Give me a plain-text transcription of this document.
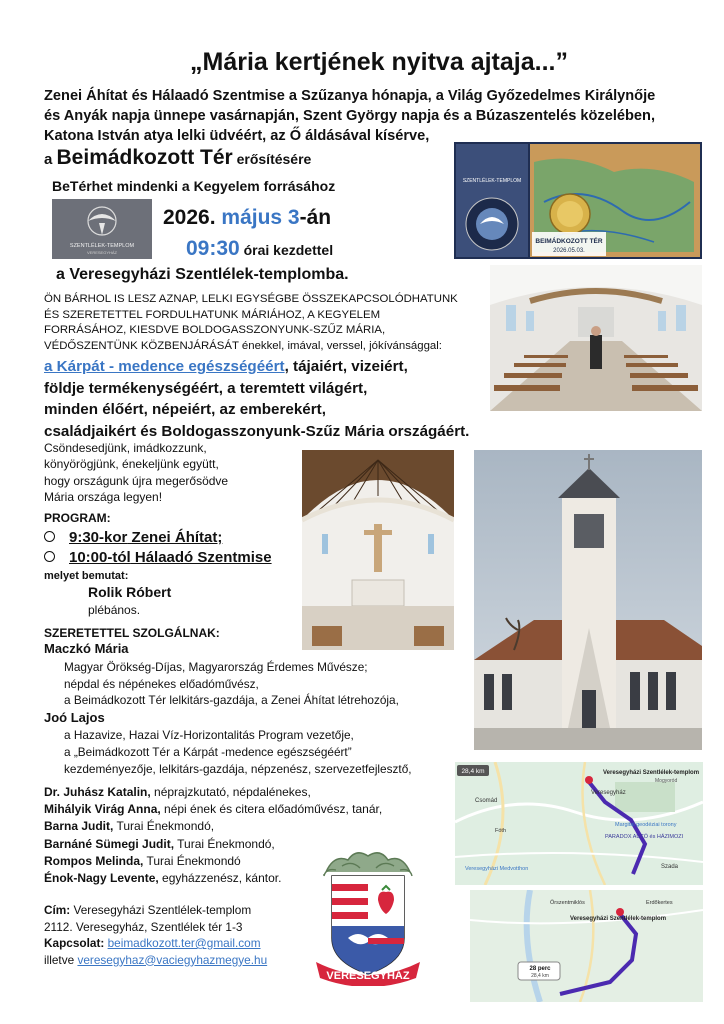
„Mária kertjének nyitva ajtaja...”
Zenei Áhítat és Hálaadó Szentmise a Szűzanya hónapja, a Világ Győzedelmes Királynője
és Anyák napja ünnepe vasárnapján, Szent György napja és a Búzaszentelés közelében,
Katona István atya lelki üdvéért, az Ő áldásával kísérve,
a Beimádkozott Tér erősítésére
BeTérhet mindenki a Kegyelem forrásához
SZENTLÉLEK-TEMPLOM
VERESEGYHÁZ
2026. május 3-án
09:30 órai kezdettel
a Veresegyházi Szentlélek-templomba.
ÖN BÁRHOL IS LESZ AZNAP, LELKI EGYSÉGBE ÖSSZEKAPCSOLÓDHATUNK
ÉS SZERETETTEL FORDULHATUNK MÁRIÁHOZ, A KEGYELEM
FORRÁSÁHOZ, KIESDVE BOLDOGASSZONYUNK-SZŰZ MÁRIA,
VÉDŐSZENTÜNK KÖZBENJÁRÁSÁT énekkel, imával, verssel, jókívánsággal:
a Kárpát - medence egészségéért, tájaiért, vizeiért,
földje termékenységéért, a teremtett világért,
minden élőért, népeiért, az emberekért,
családjaikért és Boldogasszonyunk-Szűz Mária országáért.
Csöndesedjünk, imádkozzunk,
könyörögjünk, énekeljünk együtt,
hogy országunk újra megerősödve
Mária országa legyen!
PROGRAM:
9:30-kor Zenei Áhítat;
10:00-tól Hálaadó Szentmise
melyet bemutat:
Rolik Róbert
plébános.
SZERETETTEL SZOLGÁLNAK:
Maczkó Mária
Magyar Örökség-Díjas, Magyarország Érdemes Művésze;
népdal és népénekes előadóművész,
a Beimádkozott Tér lelkitárs-gazdája, a Zenei Áhítat létrehozója,
Joó Lajos
a Hazavize, Hazai Víz-Horizontalitás Program vezetője,
a „Beimádkozott Tér a Kárpát -medence egészségéért”
kezdeményezője, lelkitárs-gazdája, népzenész, szervezetfejlesztő,
Dr. Juhász Katalin, néprajzkutató, népdalénekes,
Mihályik Virág Anna, népi ének és citera előadóművész, tanár,
Barna Judit, Turai Énekmondó,
Barnáné Sümegi Judit, Turai Énekmondó,
Rompos Melinda, Turai Énekmondó
Énok-Nagy Levente, egyházzenész, kántor.
Cím: Veresegyházi Szentlélek-templom
2112. Veresegyház, Szentlélek tér 1-3
Kapcsolat: beimadkozott.ter@gmail.com
illetve veresegyhaz@vaciegyhazmegye.hu
VERESEGYHÁZ
SZENTLÉLEK-TEMPLOM
BEIMÁDKOZOTT TÉR
2026.05.03.
28,4 km	Veresegyházi Szentlélek-templom
Veresegyház
Csomád
Fóth
Margitai geodéziai torony
PARADOX AUTÓ és HÁZIMOZI
Veresegyházi Medvotthon	Szada
Mogyoród
Veresegyházi Szentlélek-templom
Őrszentmiklós	Erdőkertes
28 perc
28,4 km
